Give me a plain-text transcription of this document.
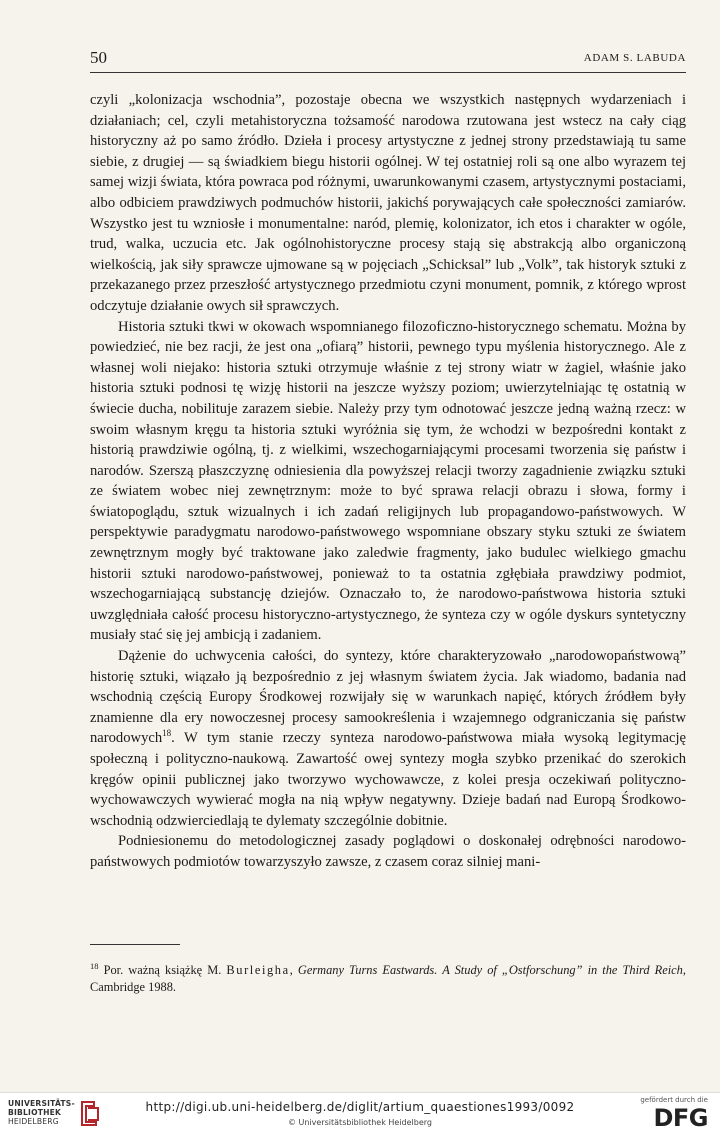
50	ADAM S. LABUDA

czyli „kolonizacja wschodnia”, pozostaje obecna we wszystkich następnych wydarzeniach i działaniach; cel, czyli metahistoryczna tożsamość narodowa rzutowana jest wstecz na cały ciąg historyczny aż po samo źródło. Dzieła i procesy artystyczne z jednej strony przedstawiają tu same siebie, z drugiej — są świadkiem biegu historii ogólnej. W tej ostatniej roli są one albo wyrazem tej samej wizji świata, która powraca pod różnymi, uwarunkowanymi czasem, artystycznymi postaciami, albo odbiciem prawdziwych podmuchów historii, jakichś porywających całe społeczności zamiarów. Wszystko jest tu wzniosłe i monumentalne: naród, plemię, kolonizator, ich etos i charakter w ogóle, trud, walka, uczucia etc. Jak ogólnohistoryczne procesy stają się abstrakcją albo organiczoną wielkością, jak siły sprawcze ujmowane są w pojęciach „Schicksal” lub „Volk”, tak historyk sztuki z przekazanego przez przeszłość artystycznego przedmiotu czyni monument, pomnik, z którego wprost odczytuje działanie owych sił sprawczych.

Historia sztuki tkwi w okowach wspomnianego filozoficzno-historycznego schematu. Można by powiedzieć, nie bez racji, że jest ona „ofiarą” historii, pewnego typu myślenia historycznego. Ale z własnej woli niejako: historia sztuki otrzymuje właśnie z tej strony wiatr w żagiel, właśnie jako historia sztuki podnosi tę wizję historii na jeszcze wyższy poziom; uwierzytelniając tę ostatnią w świecie ducha, nobilituje zarazem siebie. Należy przy tym odnotować jeszcze jedną ważną rzecz: w swoim własnym kręgu ta historia sztuki wyróżnia się tym, że wchodzi w bezpośredni kontakt z historią prawdziwie ogólną, tj. z wielkimi, wszechogarniającymi procesami tworzenia się państw i narodów. Szerszą płaszczyznę odniesienia dla powyższej relacji tworzy zagadnienie związku sztuki ze światem wobec niej zewnętrznym: może to być sprawa relacji obrazu i słowa, formy i światopoglądu, sztuk wizualnych i ich zadań religijnych lub propagandowo-państwowych. W perspektywie paradygmatu narodowo-państwowego wspomniane obszary styku sztuki ze światem zewnętrznym mogły być traktowane jako zaledwie fragmenty, jako budulec wielkiego gmachu historii sztuki narodowo-państwowej, ponieważ to ta ostatnia zgłębiała prawdziwy podmiot, wszechogarniającą substancję dziejów. Oznaczało to, że narodowo-państwowa historia sztuki uwzględniała całość procesu historyczno-artystycznego, że synteza czy w ogóle dyskurs syntetyczny musiały stać się jej ambicją i zadaniem.

Dążenie do uchwycenia całości, do syntezy, które charakteryzowało „narodowopaństwową” historię sztuki, wiązało ją bezpośrednio z jej własnym światem życia. Jak wiadomo, badania nad wschodnią częścią Europy Środkowej rozwijały się w warunkach napięć, których źródłem były znamienne dla ery nowoczesnej procesy samookreślenia i wzajemnego odgraniczania się państw narodowych$^{18}$. W tym stanie rzeczy synteza narodowo-państwowa miała wysoką legitymację społeczną i polityczno-naukową. Zawartość owej syntezy mogła szybko przenikać do szerokich kręgów opinii publicznej jako tworzywo wychowawcze, z kolei presja oczekiwań polityczno-wychowawczych wywierać mogła na nią wpływ negatywny. Dzieje badań nad Europą Środkowowschodnią odzwierciedlają te dylematy szczególnie dobitnie.

Podniesionemu do metodologicznej zasady poglądowi o doskonałej odrębności narodowo-państwowych podmiotów towarzyszyło zawsze, z czasem coraz silniej mani-

$^{18}$ Por. ważną książkę M. Burleigha, Germany Turns Eastwards. A Study of „Ostforschung” in the Third Reich, Cambridge 1988.
UNIVERSITÄTS-
BIBLIOTHEK
HEIDELBERG
http://digi.ub.uni-heidelberg.de/diglit/artium_quaestiones1993/0092
© Universitätsbibliothek Heidelberg
gefördert durch die
DFG
